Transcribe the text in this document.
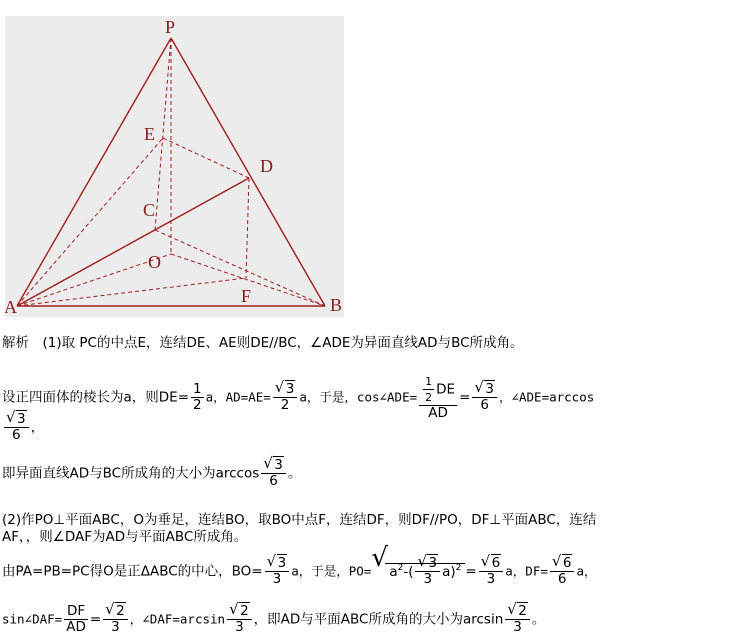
P
E
D
C
O
A
F	B
解析　(1)取 PC的中点E，连结DE、AE则DE//BC，∠ADE为异面直线AD与BC所成角。
设正四面体的棱长为a，则$DE= \frac{1}{2}$ a，$AD=AE= \frac{√ 3}{2}$ a，于是，cos∠ADE= $\frac{\frac{1}{2} DE}{AD} = \frac{√ 3}{6}$ ，∠ADE=arccos
$\frac{√ 3}{6}$ ，
即异面直线AD与BC所成角的大小为$\arccos \frac{√ 3}{6}$ 。
(2)作PO⊥平面ABC，O为垂足，连结BO，取BO中点F，连结DF，则DF//PO，DF⊥平面ABC，连结
AF，，则∠DAF为AD与平面ABC所成角。
由PA=PB=PC得O是正ΔABC的中心，$BO= \frac{√ 3}{3}$ a，于是，PO= √ $a^2-( \frac{√ 3}{3} a)^2 = \frac{√ 6}{3}$ a，$DF= \frac{√ 6}{6}$ a，
sin∠DAF= $\frac{DF}{AD} = \frac{√ 2}{3}$ ，∠DAF=arcsin $\frac{√ 2}{3}$ ，即AD与平面ABC所成角的大小为$\arcsin \frac{√ 2}{3}$ 。
